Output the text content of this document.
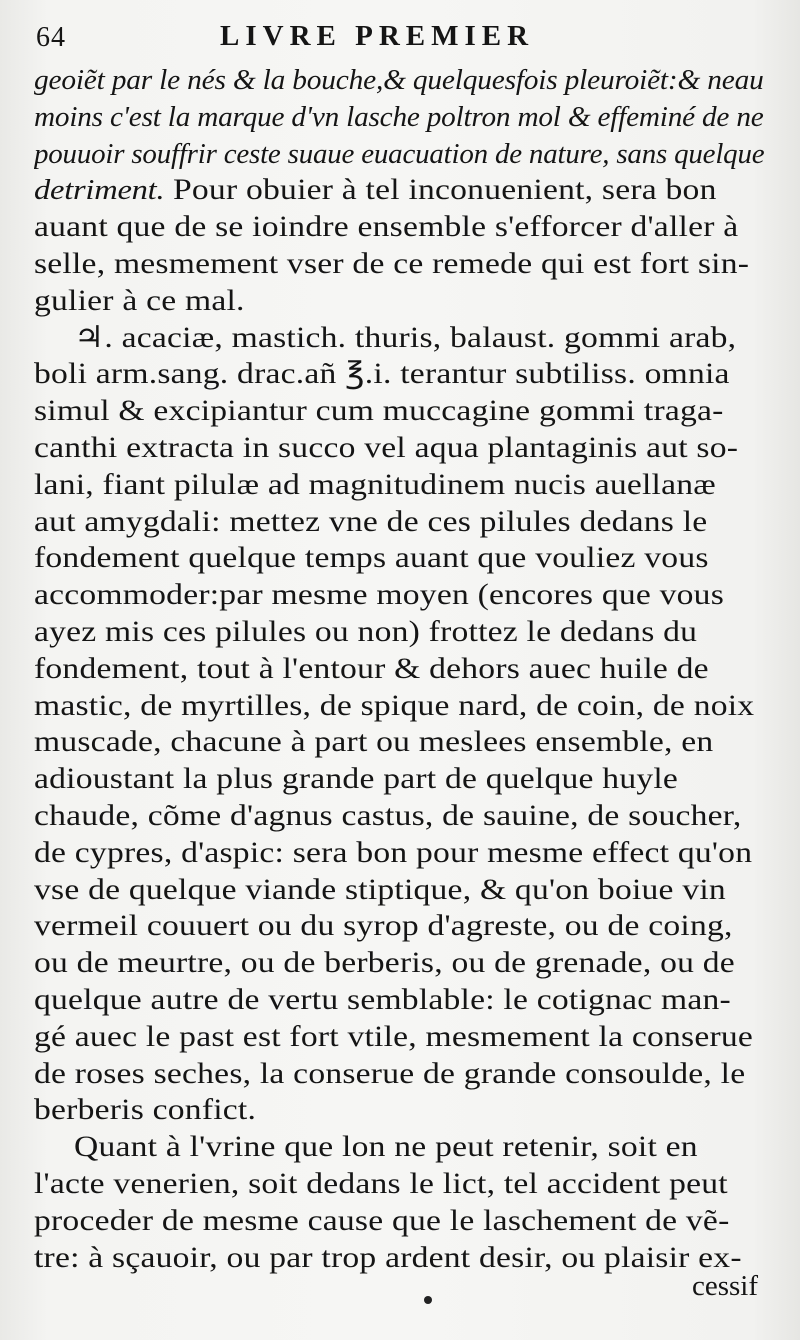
64	LIVRE PREMIER
geoiẽt par le nés & la bouche,& quelquesfois pleuroiẽt:& neau
moins c'est la marque d'vn lasche poltron mol & effeminé de ne
pouuoir souffrir ceste suaue euacuation de nature, sans quelque
detriment. Pour obuier à tel inconuenient, sera bon
auant que de se ioindre ensemble s'efforcer d'aller à
selle, mesmement vser de ce remede qui est fort sin-
gulier à ce mal.
♃. acaciæ, mastich. thuris, balaust. gommi arab,
boli arm.sang. drac.añ ℥.i. terantur subtiliss. omnia
simul & excipiantur cum muccagine gommi traga-
canthi extracta in succo vel aqua plantaginis aut so-
lani, fiant pilulæ ad magnitudinem nucis auellanæ
aut amygdali: mettez vne de ces pilules dedans le
fondement quelque temps auant que vouliez vous
accommoder:par mesme moyen (encores que vous
ayez mis ces pilules ou non) frottez le dedans du
fondement, tout à l'entour & dehors auec huile de
mastic, de myrtilles, de spique nard, de coin, de noix
muscade, chacune à part ou meslees ensemble, en
adioustant la plus grande part de quelque huyle
chaude, cõme d'agnus castus, de sauine, de soucher,
de cypres, d'aspic: sera bon pour mesme effect qu'on
vse de quelque viande stiptique, & qu'on boiue vin
vermeil couuert ou du syrop d'agreste, ou de coing,
ou de meurtre, ou de berberis, ou de grenade, ou de
quelque autre de vertu semblable: le cotignac man-
gé auec le past est fort vtile, mesmement la conserue
de roses seches, la conserue de grande consoulde, le
berberis confict.
Quant à l'vrine que lon ne peut retenir, soit en
l'acte venerien, soit dedans le lict, tel accident peut
proceder de mesme cause que le laschement de vẽ-
tre: à sçauoir, ou par trop ardent desir, ou plaisir ex-
cessif
